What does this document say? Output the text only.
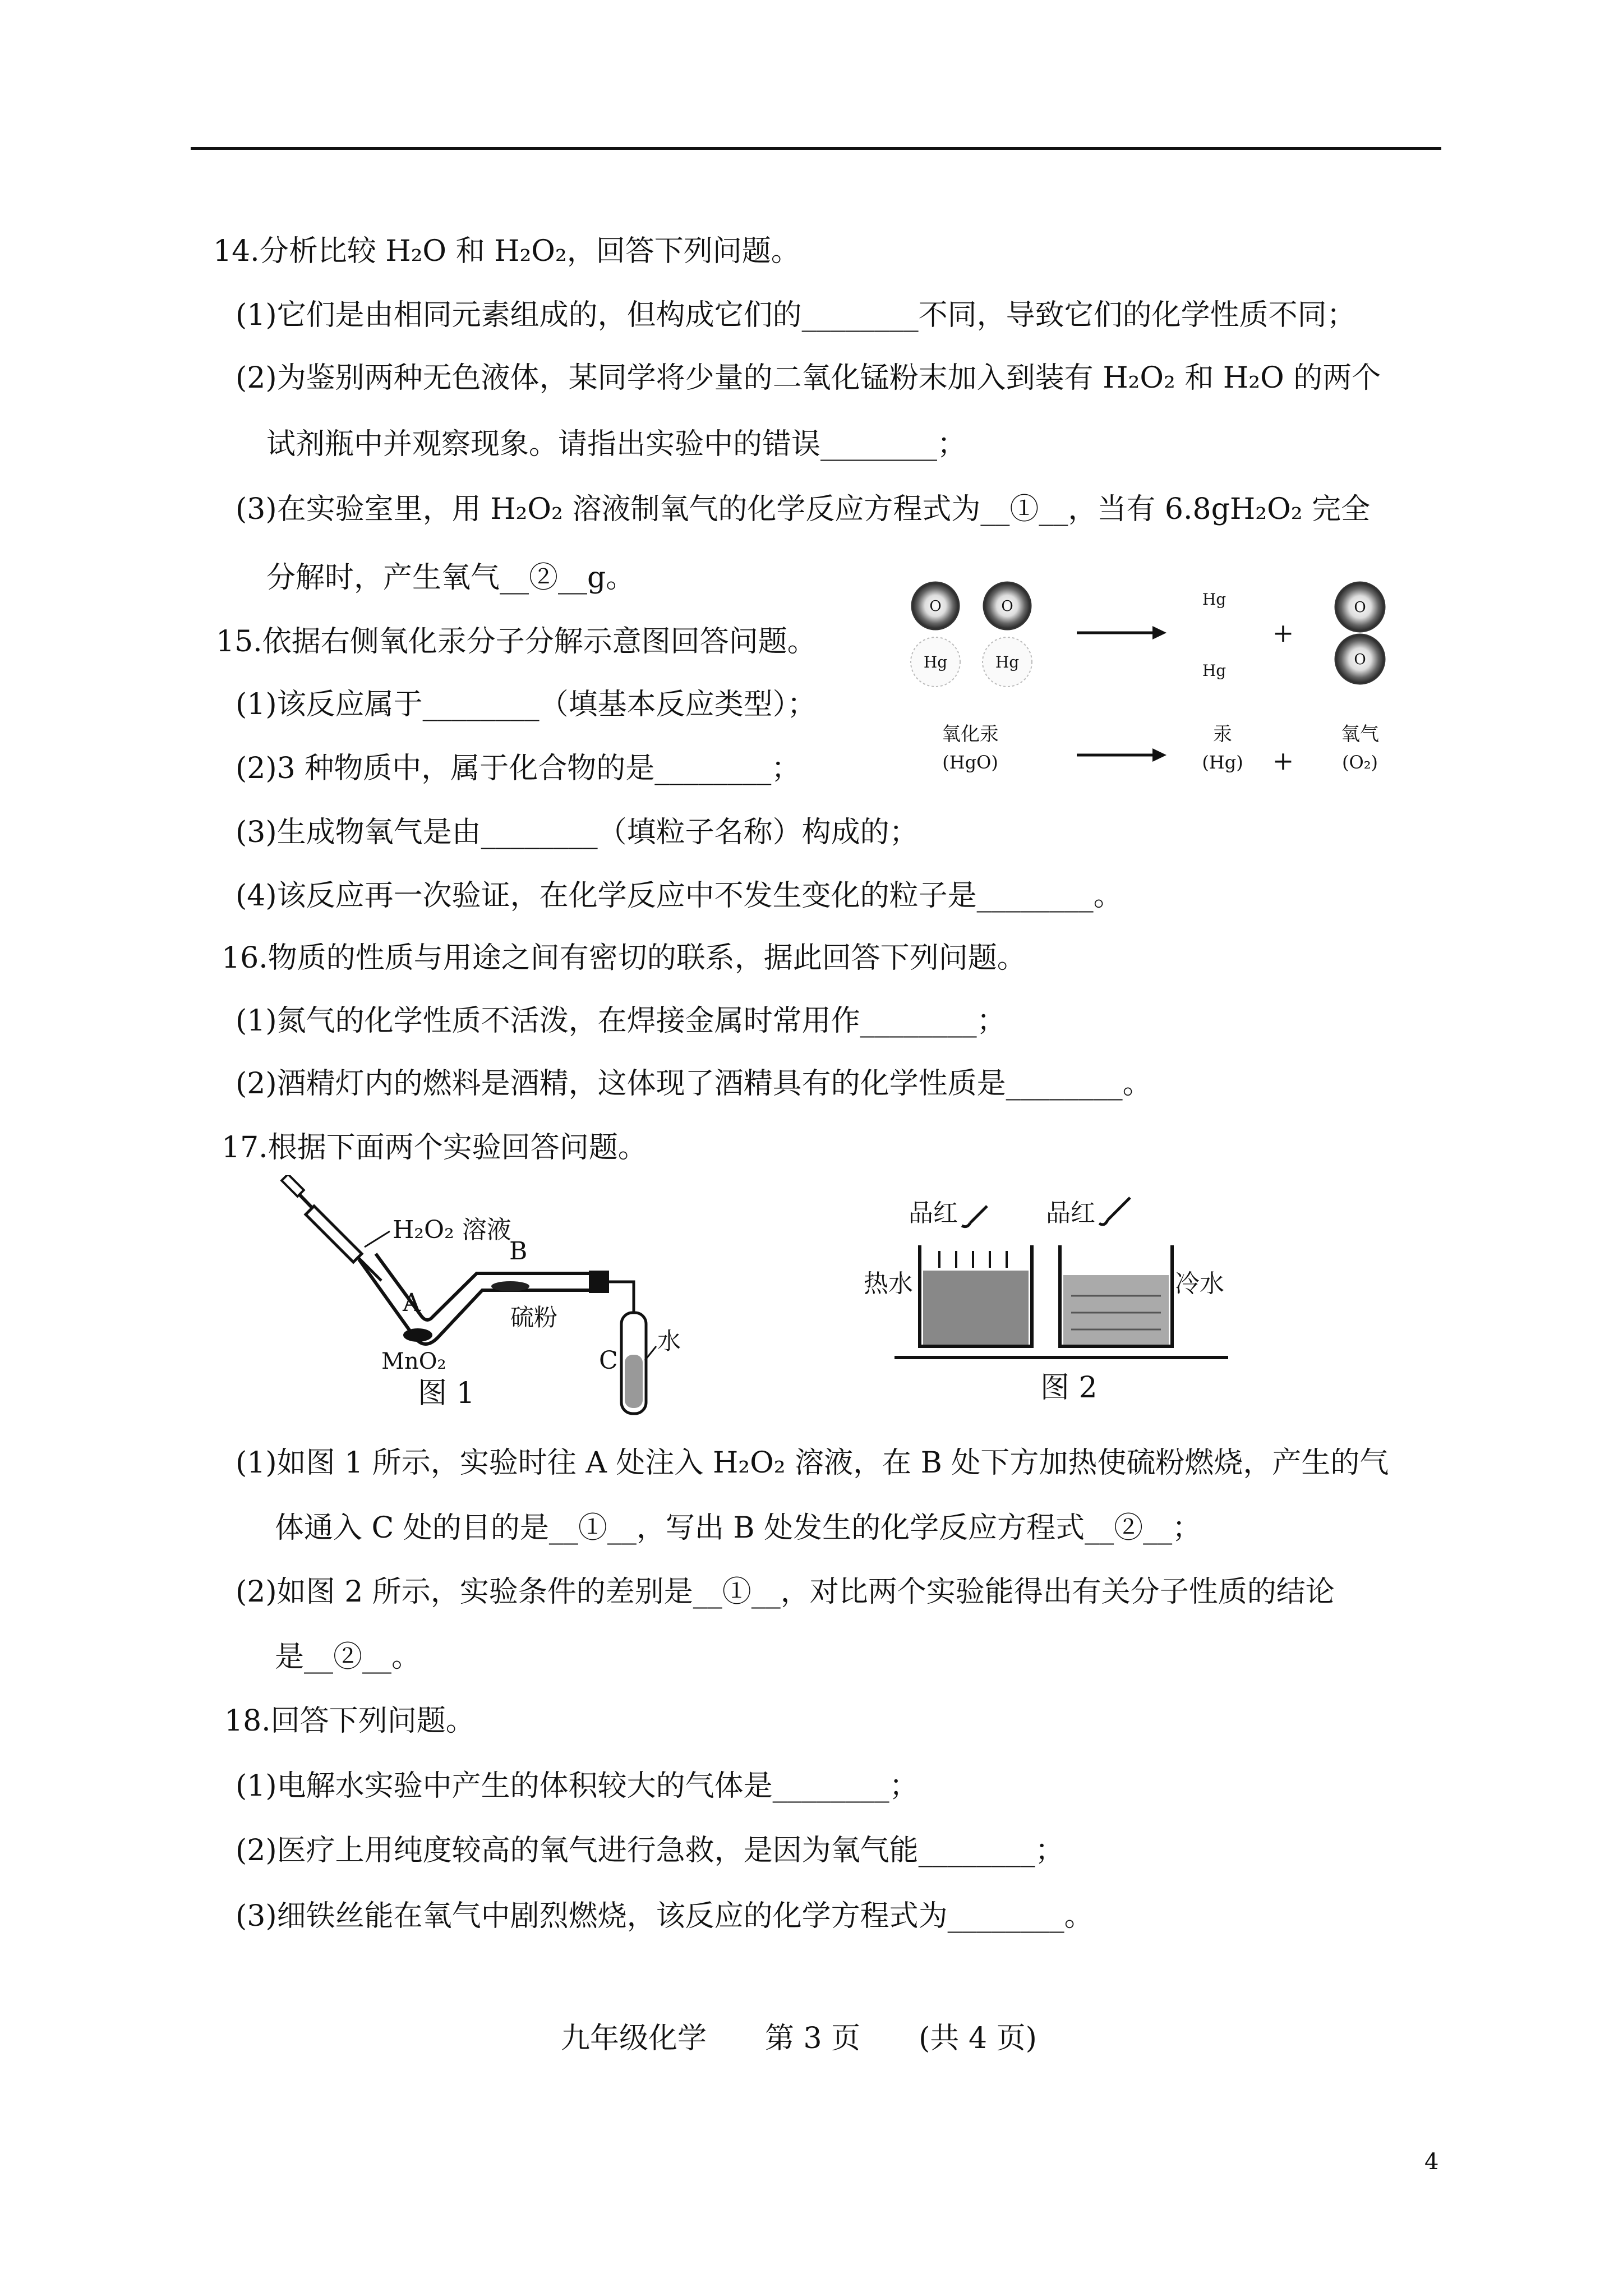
14.分析比较 H₂O 和 H₂O₂，回答下列问题。
(1)它们是由相同元素组成的，但构成它们的________不同，导致它们的化学性质不同；
(2)为鉴别两种无色液体，某同学将少量的二氧化锰粉末加入到装有 H₂O₂ 和 H₂O 的两个
试剂瓶中并观察现象。请指出实验中的错误________；
(3)在实验室里，用 H₂O₂ 溶液制氧气的化学反应方程式为__①__，当有 6.8gH₂O₂ 完全
分解时，产生氧气__②__g。
15.依据右侧氧化汞分子分解示意图回答问题。
(1)该反应属于________（填基本反应类型）；
(2)3 种物质中，属于化合物的是________；
(3)生成物氧气是由________（填粒子名称）构成的；
(4)该反应再一次验证，在化学反应中不发生变化的粒子是________。
O	O
Hg	Hg
Hg
Hg
+
O
O
氧化汞
(HgO)
汞
(Hg) +
氧气
(O₂)
16.物质的性质与用途之间有密切的联系，据此回答下列问题。
(1)氮气的化学性质不活泼，在焊接金属时常用作________；
(2)酒精灯内的燃料是酒精，这体现了酒精具有的化学性质是________。
17.根据下面两个实验回答问题。
H₂O₂ 溶液
A
B
硫粉
MnO₂	C
水
图 1
品红	品红
热水	冷水
图 2
(1)如图 1 所示，实验时往 A 处注入 H₂O₂ 溶液，在 B 处下方加热使硫粉燃烧，产生的气
体通入 C 处的目的是__①__，写出 B 处发生的化学反应方程式__②__；
(2)如图 2 所示，实验条件的差别是__①__，对比两个实验能得出有关分子性质的结论
是__②__。
18.回答下列问题。
(1)电解水实验中产生的体积较大的气体是________；
(2)医疗上用纯度较高的氧气进行急救，是因为氧气能________；
(3)细铁丝能在氧气中剧烈燃烧，该反应的化学方程式为________。
九年级化学　　第 3 页　　(共 4 页)
4
